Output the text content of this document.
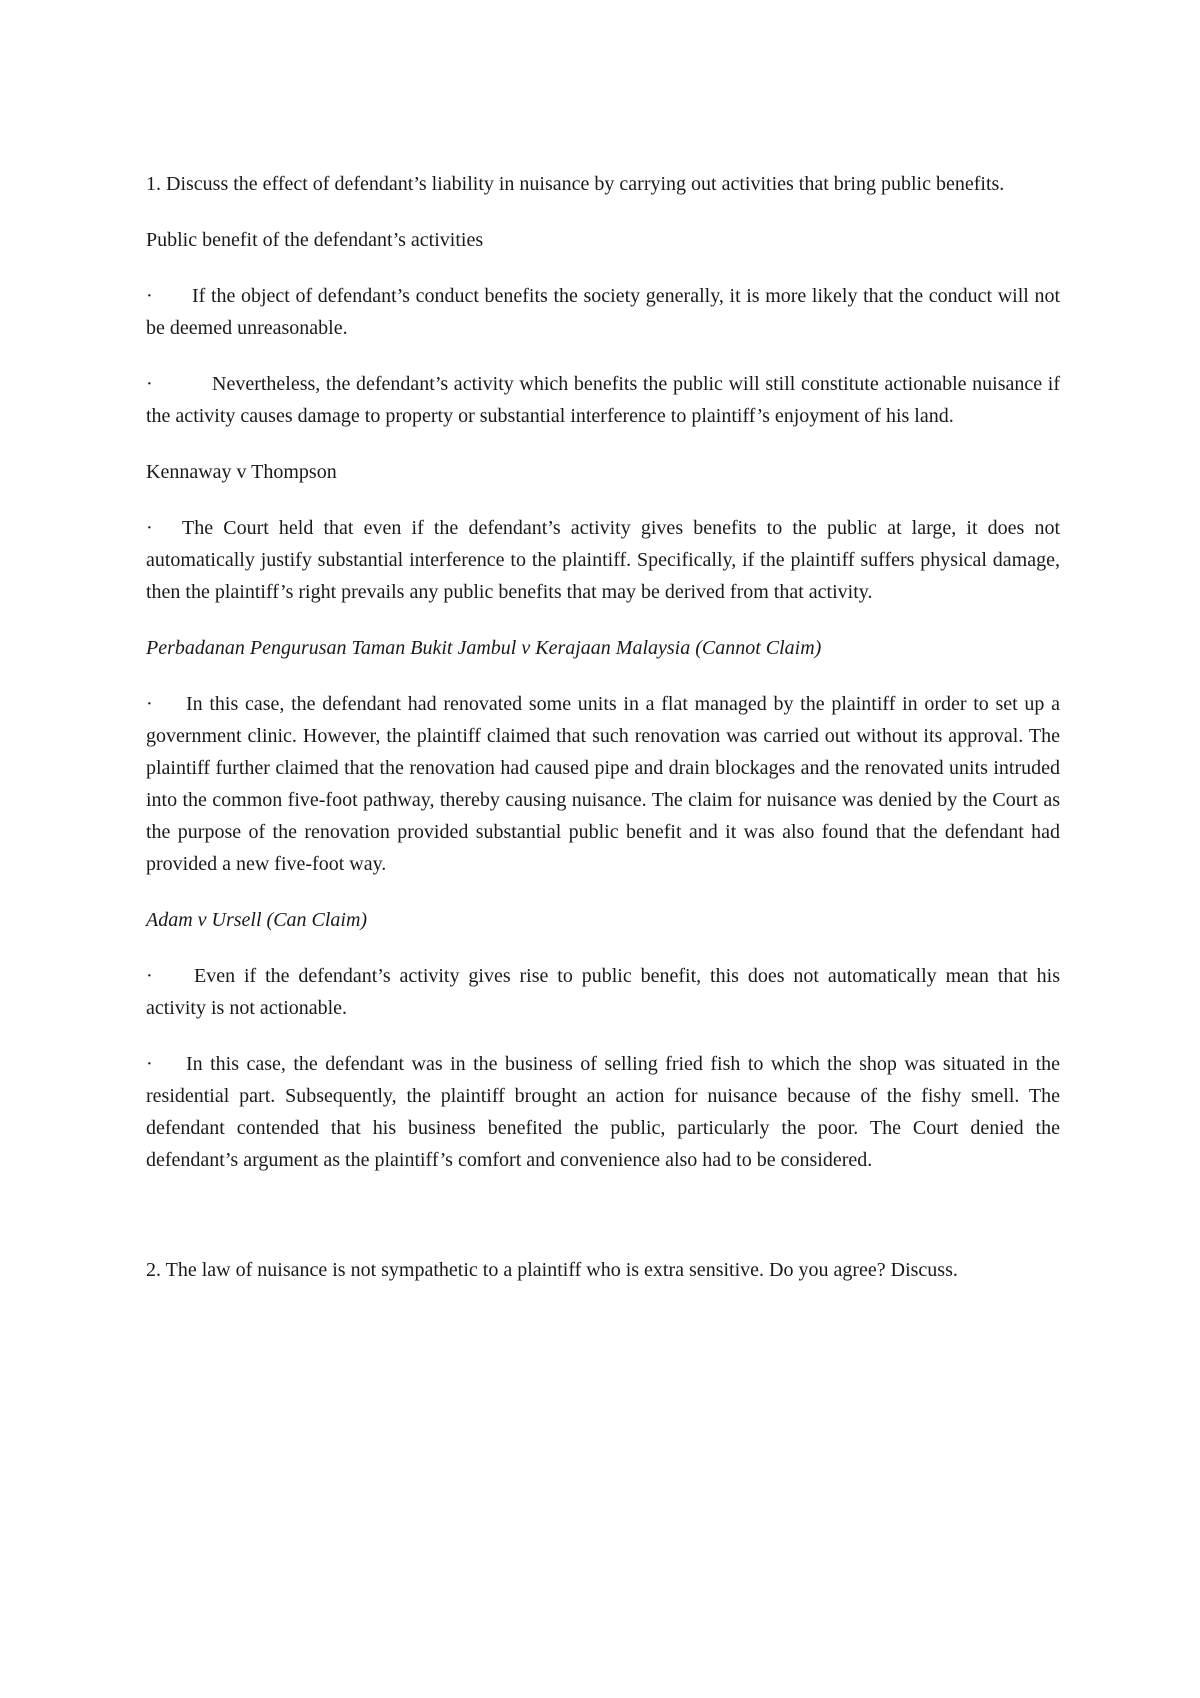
1. Discuss the effect of defendant’s liability in nuisance by carrying out activities that bring public benefits.

Public benefit of the defendant’s activities

· If the object of defendant’s conduct benefits the society generally, it is more likely that the conduct will not be deemed unreasonable.

·	Nevertheless, the defendant’s activity which benefits the public will still constitute actionable nuisance if the activity causes damage to property or substantial interference to plaintiff’s enjoyment of his land.

Kennaway v Thompson

· The Court held that even if the defendant’s activity gives benefits to the public at large, it does not automatically justify substantial interference to the plaintiff. Specifically, if the plaintiff suffers physical damage, then the plaintiff’s right prevails any public benefits that may be derived from that activity.

Perbadanan Pengurusan Taman Bukit Jambul v Kerajaan Malaysia (Cannot Claim)

· In this case, the defendant had renovated some units in a flat managed by the plaintiff in order to set up a government clinic. However, the plaintiff claimed that such renovation was carried out without its approval. The plaintiff further claimed that the renovation had caused pipe and drain blockages and the renovated units intruded into the common five-foot pathway, thereby causing nuisance. The claim for nuisance was denied by the Court as the purpose of the renovation provided substantial public benefit and it was also found that the defendant had provided a new five-foot way.

Adam v Ursell (Can Claim)

· Even if the defendant’s activity gives rise to public benefit, this does not automatically mean that his activity is not actionable.

· In this case, the defendant was in the business of selling fried fish to which the shop was situated in the residential part. Subsequently, the plaintiff brought an action for nuisance because of the fishy smell. The defendant contended that his business benefited the public, particularly the poor. The Court denied the defendant’s argument as the plaintiff’s comfort and convenience also had to be considered.

2. The law of nuisance is not sympathetic to a plaintiff who is extra sensitive. Do you agree? Discuss.
